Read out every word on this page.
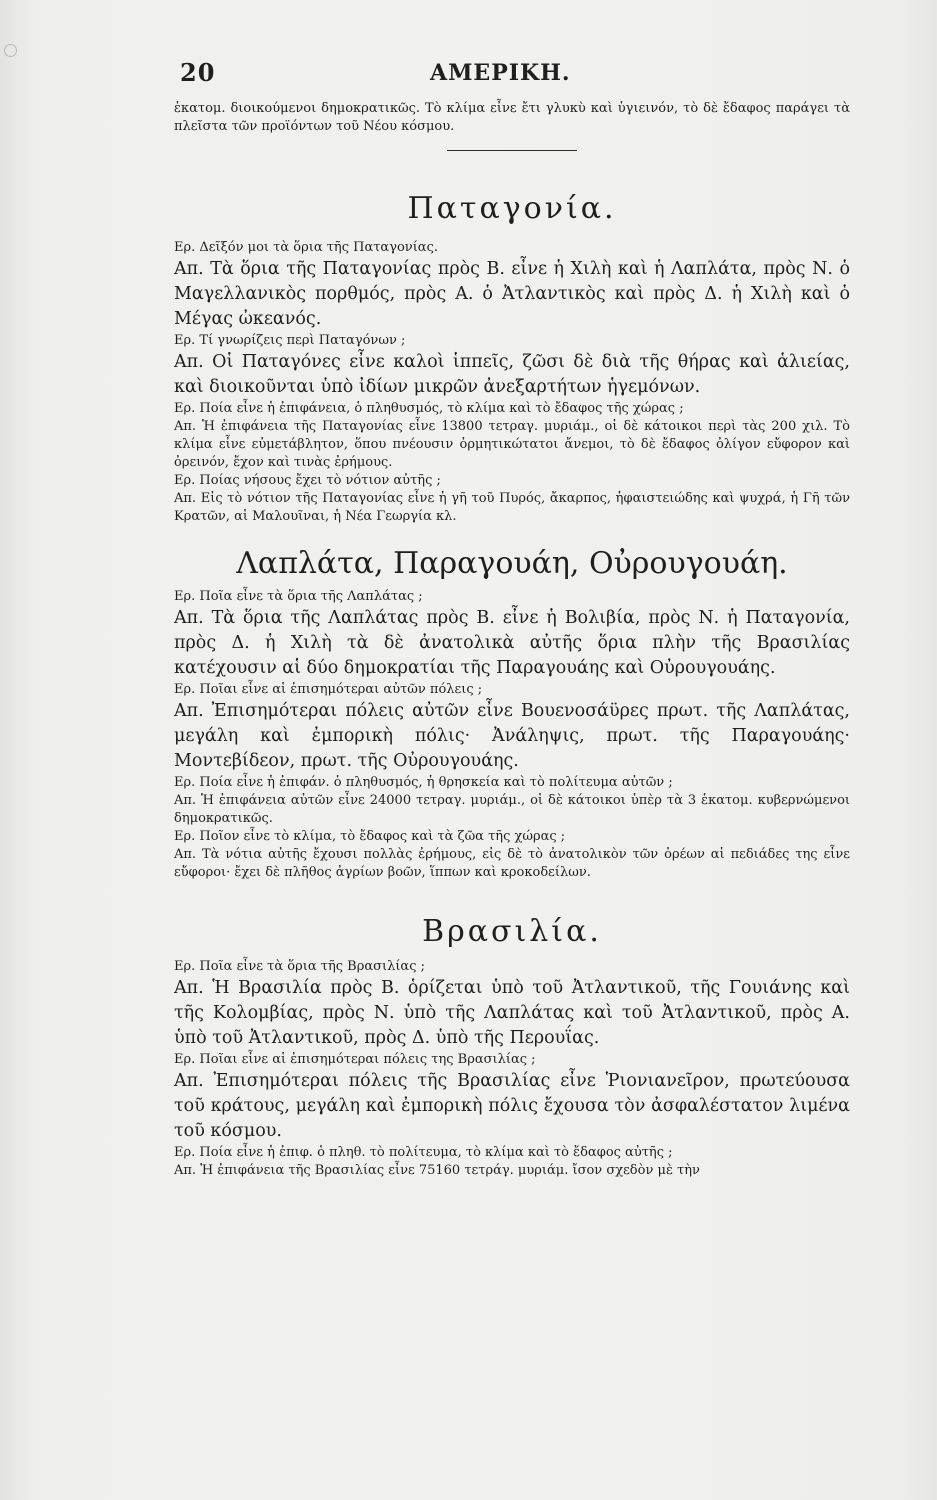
20	ΑΜΕΡΙΚΗ.

ἑκατομ. διοικούμενοι δημοκρατικῶς. Τὸ κλίμα εἶνε ἔτι γλυκὺ καὶ ὑγιεινόν, τὸ δὲ ἔδαφος παράγει τὰ πλεῖστα τῶν προϊόντων τοῦ Νέου κόσμου.

Παταγονία.

Ερ. Δεῖξόν μοι τὰ ὅρια τῆς Παταγονίας.

Απ. Τὰ ὅρια τῆς Παταγονίας πρὸς Β. εἶνε ἡ Χιλὴ καὶ ἡ Λαπλάτα, πρὸς Ν. ὁ Μαγελλανικὸς πορθμός, πρὸς Α. ὁ Ἀτλαντικὸς καὶ πρὸς Δ. ἡ Χιλὴ καὶ ὁ Μέγας ὠκεανός.

Ερ. Τί γνωρίζεις περὶ Παταγόνων ;

Απ. Οἱ Παταγόνες εἶνε καλοὶ ἱππεῖς, ζῶσι δὲ διὰ τῆς θήρας καὶ ἁλιείας, καὶ διοικοῦνται ὑπὸ ἰδίων μικρῶν ἀνεξαρτήτων ἡγεμόνων.

Ερ. Ποία εἶνε ἡ ἐπιφάνεια, ὁ πληθυσμός, τὸ κλίμα καὶ τὸ ἔδαφος τῆς χώρας ;

Απ. Ἡ ἐπιφάνεια τῆς Παταγονίας εἶνε 13800 τετραγ. μυριάμ., οἱ δὲ κάτοικοι περὶ τὰς 200 χιλ. Τὸ κλίμα εἶνε εὐμετάβλητον, ὅπου πνέουσιν ὁρμητικώτατοι ἄνεμοι, τὸ δὲ ἔδαφος ὀλίγον εὔφορον καὶ ὀρεινόν, ἔχον καὶ τινὰς ἐρήμους.

Ερ. Ποίας νήσους ἔχει τὸ νότιον αὐτῆς ;

Απ. Εἰς τὸ νότιον τῆς Παταγονίας εἶνε ἡ γῆ τοῦ Πυρός, ἄκαρπος, ἡφαιστειώδης καὶ ψυχρά, ἡ Γῆ τῶν Κρατῶν, αἱ Μαλουῖναι, ἡ Νέα Γεωργία κλ.

Λαπλάτα, Παραγουάη, Οὐρουγουάη.

Ερ. Ποῖα εἶνε τὰ ὅρια τῆς Λαπλάτας ;

Απ. Τὰ ὅρια τῆς Λαπλάτας πρὸς Β. εἶνε ἡ Βολιβία, πρὸς Ν. ἡ Παταγονία, πρὸς Δ. ἡ Χιλὴ τὰ δὲ ἀνατολικὰ αὐτῆς ὅρια πλὴν τῆς Βρασιλίας κατέχουσιν αἱ δύο δημοκρατίαι τῆς Παραγουάης καὶ Οὐρουγουάης.

Ερ. Ποῖαι εἶνε αἱ ἐπισημότεραι αὐτῶν πόλεις ;

Απ. Ἐπισημότεραι πόλεις αὐτῶν εἶνε Βουενοσάϋρες πρωτ. τῆς Λαπλάτας, μεγάλη καὶ ἐμπορικὴ πόλις· Ἀνάληψις, πρωτ. τῆς Παραγουάης· Μοντεβίδεον, πρωτ. τῆς Οὐρουγουάης.

Ερ. Ποία εἶνε ἡ ἐπιφάν. ὁ πληθυσμός, ἡ θρησκεία καὶ τὸ πολίτευμα αὐτῶν ;

Απ. Ἡ ἐπιφάνεια αὐτῶν εἶνε 24000 τετραγ. μυριάμ., οἱ δὲ κάτοικοι ὑπὲρ τὰ 3 ἑκατομ. κυβερνώμενοι δημοκρατικῶς.

Ερ. Ποῖον εἶνε τὸ κλίμα, τὸ ἔδαφος καὶ τὰ ζῶα τῆς χώρας ;

Απ. Τὰ νότια αὐτῆς ἔχουσι πολλὰς ἐρήμους, εἰς δὲ τὸ ἀνατολικὸν τῶν ὀρέων αἱ πεδιάδες της εἶνε εὔφοροι· ἔχει δὲ πλῆθος ἀγρίων βοῶν, ἵππων καὶ κροκοδείλων.

Βρασιλία.

Ερ. Ποῖα εἶνε τὰ ὅρια τῆς Βρασιλίας ;

Απ. Ἡ Βρασιλία πρὸς Β. ὁρίζεται ὑπὸ τοῦ Ἀτλαντικοῦ, τῆς Γουιάνης καὶ τῆς Κολομβίας, πρὸς Ν. ὑπὸ τῆς Λαπλάτας καὶ τοῦ Ἀτλαντικοῦ, πρὸς Α. ὑπὸ τοῦ Ἀτλαντικοῦ, πρὸς Δ. ὑπὸ τῆς Περουΐας.

Ερ. Ποῖαι εἶνε αἱ ἐπισημότεραι πόλεις της Βρασιλίας ;

Απ. Ἐπισημότεραι πόλεις τῆς Βρασιλίας εἶνε Ῥιονιανεῖρον, πρωτεύουσα τοῦ κράτους, μεγάλη καὶ ἐμπορικὴ πόλις ἔχουσα τὸν ἀσφαλέστατον λιμένα τοῦ κόσμου.

Ερ. Ποία εἶνε ἡ ἐπιφ. ὁ πληθ. τὸ πολίτευμα, τὸ κλίμα καὶ τὸ ἔδαφος αὐτῆς ;

Απ. Ἡ ἐπιφάνεια τῆς Βρασιλίας εἶνε 75160 τετράγ. μυριάμ. ἴσον σχεδὸν μὲ τὴν
